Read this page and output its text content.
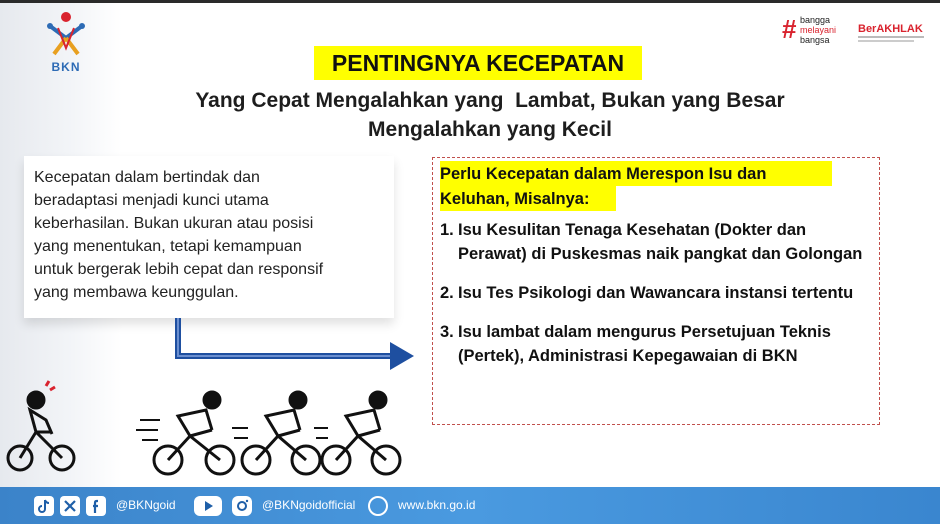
BKN
# bangga
melayani
bangsa
BerAKHLAK
PENTINGNYA KECEPATAN
Yang Cepat Mengalahkan yang  Lambat, Bukan yang Besar
Mengalahkan yang Kecil
Kecepatan dalam bertindak dan
beradaptasi menjadi kunci utama
keberhasilan. Bukan ukuran atau posisi
yang menentukan, tetapi kemampuan
untuk bergerak lebih cepat dan responsif
yang membawa keunggulan.
Perlu Kecepatan dalam Merespon Isu dan
Keluhan, Misalnya:
1. Isu Kesulitan Tenaga Kesehatan (Dokter dan Perawat) di Puskesmas naik pangkat dan Golongan
2. Isu Tes Psikologi dan Wawancara instansi tertentu
3. Isu lambat dalam mengurus Persetujuan Teknis (Pertek), Administrasi Kepegawaian di BKN
@BKNgoid	@BKNgoidofficial	www.bkn.go.id
